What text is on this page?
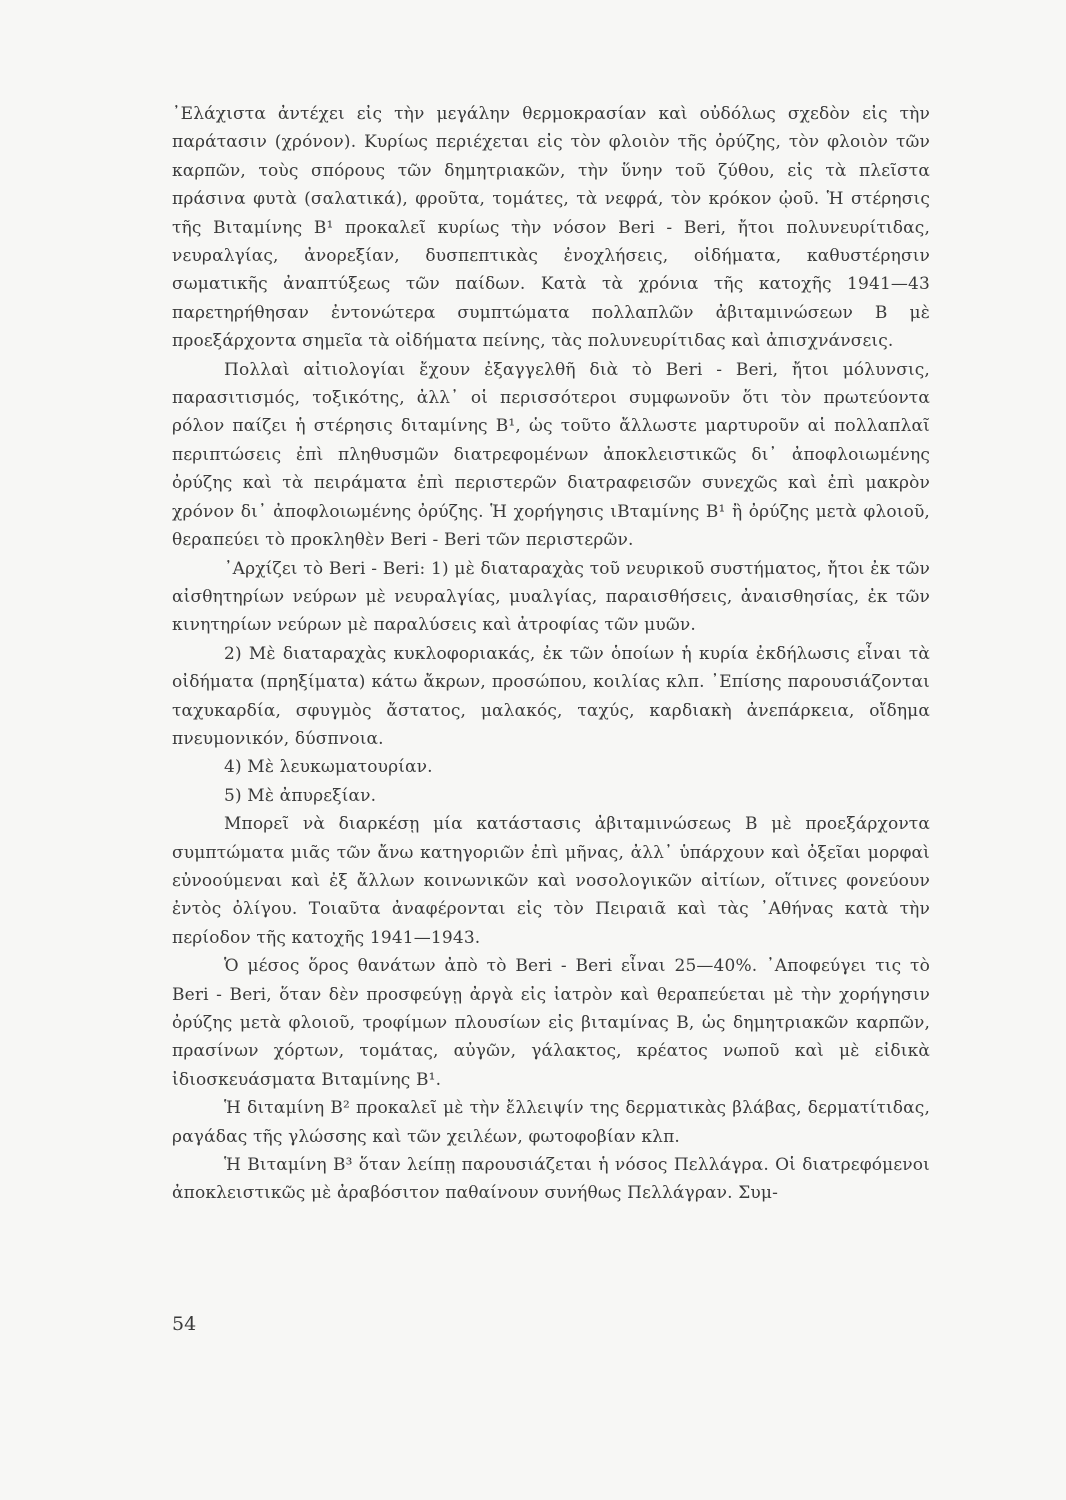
᾿Ελάχιστα ἀντέχει εἰς τὴν μεγάλην θερμοκρασίαν καὶ οὐδόλως σχεδὸν εἰς τὴν παράτασιν (χρόνον). Κυρίως περιέχεται εἰς τὸν φλοιὸν τῆς ὀρύζης, τὸν φλοιὸν τῶν καρπῶν, τοὺς σπόρους τῶν δημητριακῶν, τὴν ὕνην τοῦ ζύθου, εἰς τὰ πλεῖστα πράσινα φυτὰ (σαλατικά), φροῦτα, τομάτες, τὰ νεφρά, τὸν κρόκον ᾠοῦ. Ἡ στέρησις τῆς Βιταμίνης Β¹ προκαλεῖ κυρίως τὴν νόσον Beri - Beri, ἤτοι πολυνευρίτιδας, νευραλγίας, ἀνορεξίαν, δυσπεπτικὰς ἐνοχλήσεις, οἰδήματα, καθυστέρησιν σωματικῆς ἀναπτύξεως τῶν παίδων. Κατὰ τὰ χρόνια τῆς κατοχῆς 1941—43 παρετηρήθησαν ἐντονώτερα συμπτώματα πολλαπλῶν ἀβιταμινώσεων Β μὲ προεξάρχοντα σημεῖα τὰ οἰδήματα πείνης, τὰς πολυνευρίτιδας καὶ ἀπισχνάνσεις.

Πολλαὶ αἰτιολογίαι ἔχουν ἐξαγγελθῆ διὰ τὸ Beri - Beri, ἤτοι μόλυνσις, παρασιτισμός, τοξικότης, ἀλλ᾿ οἱ περισσότεροι συμφωνοῦν ὅτι τὸν πρωτεύοντα ρόλον παίζει ἡ στέρησις διταμίνης Β¹, ὡς τοῦτο ἄλλωστε μαρτυροῦν αἱ πολλαπλαῖ περιπτώσεις ἐπὶ πληθυσμῶν διατρεφομένων ἀποκλειστικῶς δι᾿ ἀποφλοιωμένης ὀρύζης καὶ τὰ πειράματα ἐπὶ περιστερῶν διατραφεισῶν συνεχῶς καὶ ἐπὶ μακρὸν χρόνον δι᾿ ἀποφλοιωμένης ὀρύζης. Ἡ χορήγησις ιΒταμίνης Β¹ ἢ ὀρύζης μετὰ φλοιοῦ, θεραπεύει τὸ προκληθὲν Beri - Beri τῶν περιστερῶν.

᾿Αρχίζει τὸ Beri - Beri: 1) μὲ διαταραχὰς τοῦ νευρικοῦ συστήματος, ἤτοι ἐκ τῶν αἰσθητηρίων νεύρων μὲ νευραλγίας, μυαλγίας, παραισθήσεις, ἀναισθησίας, ἐκ τῶν κινητηρίων νεύρων μὲ παραλύσεις καὶ ἀτροφίας τῶν μυῶν.

2) Μὲ διαταραχὰς κυκλοφοριακάς, ἐκ τῶν ὁποίων ἡ κυρία ἐκδήλωσις εἶναι τὰ οἰδήματα (πρηξίματα) κάτω ἄκρων, προσώπου, κοιλίας κλπ. ᾿Επίσης παρουσιάζονται ταχυκαρδία, σφυγμὸς ἄστατος, μαλακός, ταχύς, καρδιακὴ ἀνεπάρκεια, οἴδημα πνευμονικόν, δύσπνοια.

4) Μὲ λευκωματουρίαν.

5) Μὲ ἀπυρεξίαν.

Μπορεῖ νὰ διαρκέσῃ μία κατάστασις ἀβιταμινώσεως Β μὲ προεξάρχοντα συμπτώματα μιᾶς τῶν ἄνω κατηγοριῶν ἐπὶ μῆνας, ἀλλ᾿ ὑπάρχουν καὶ ὀξεῖαι μορφαὶ εὐνοούμεναι καὶ ἐξ ἄλλων κοινωνικῶν καὶ νοσολογικῶν αἰτίων, οἵτινες φονεύουν ἐντὸς ὀλίγου. Τοιαῦτα ἀναφέρονται εἰς τὸν Πειραιᾶ καὶ τὰς ᾿Αθήνας κατὰ τὴν περίοδον τῆς κατοχῆς 1941—1943.

Ὁ μέσος ὅρος θανάτων ἀπὸ τὸ Beri - Beri εἶναι 25—40%. ᾿Αποφεύγει τις τὸ Beri - Beri, ὅταν δὲν προσφεύγῃ ἀργὰ εἰς ἰατρὸν καὶ θεραπεύεται μὲ τὴν χορήγησιν ὀρύζης μετὰ φλοιοῦ, τροφίμων πλουσίων εἰς βιταμίνας Β, ὡς δημητριακῶν καρπῶν, πρασίνων χόρτων, τομάτας, αὐγῶν, γάλακτος, κρέατος νωποῦ καὶ μὲ εἰδικὰ ἰδιοσκευάσματα Βιταμίνης Β¹.

Ἡ διταμίνη Β² προκαλεῖ μὲ τὴν ἔλλειψίν της δερματικὰς βλάβας, δερματίτιδας, ραγάδας τῆς γλώσσης καὶ τῶν χειλέων, φωτοφοβίαν κλπ.

Ἡ Βιταμίνη Β³ ὅταν λείπῃ παρουσιάζεται ἡ νόσος Πελλάγρα. Οἱ διατρεφόμενοι ἀποκλειστικῶς μὲ ἀραβόσιτον παθαίνουν συνήθως Πελλάγραν. Συμ-

54
